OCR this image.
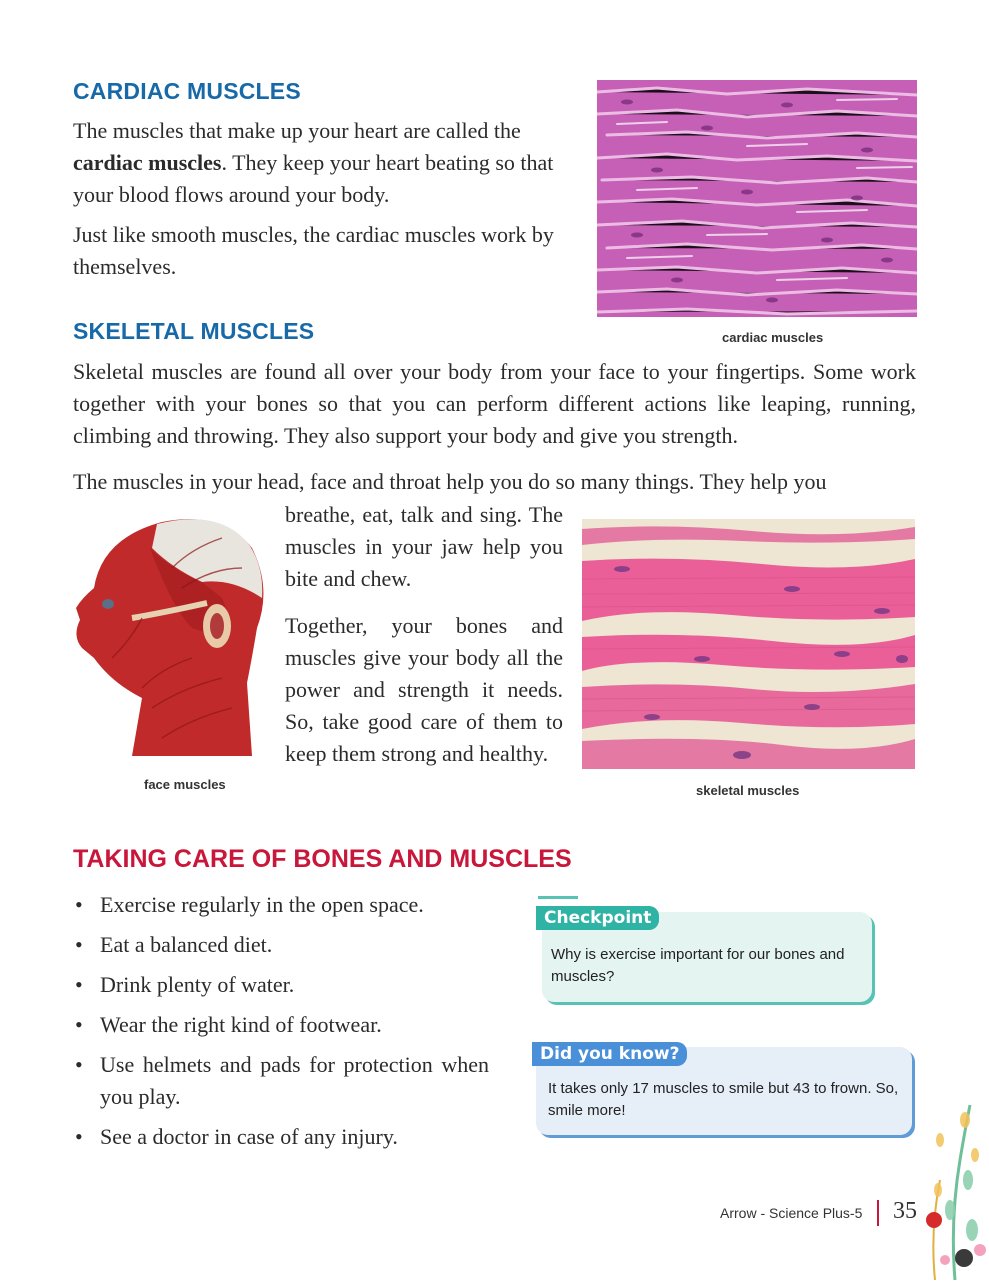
CARDIAC MUSCLES
The muscles that make up your heart are called the cardiac muscles. They keep your heart beating so that your blood flows around your body.
Just like smooth muscles, the cardiac muscles work by themselves.
cardiac muscles
SKELETAL MUSCLES
Skeletal muscles are found all over your body from your face to your fingertips. Some work together with your bones so that you can perform different actions like leaping, running, climbing and throwing. They also support your body and give you strength.
The muscles in your head, face and throat help you do so many things. They help you
breathe, eat, talk and sing. The muscles in your jaw help you bite and chew.
Together, your bones and muscles give your body all the power and strength it needs. So, take good care of them to keep them strong and healthy.
face muscles	skeletal muscles
TAKING CARE OF BONES AND MUSCLES
• Exercise regularly in the open space.
• Eat a balanced diet.
• Drink plenty of water.
• Wear the right kind of footwear.
• Use helmets and pads for protection when you play.
• See a doctor in case of any injury.
Checkpoint
Why is exercise important for our bones and muscles?
Did you know?
It takes only 17 muscles to smile but 43 to frown. So, smile more!
Arrow - Science Plus-5 35
